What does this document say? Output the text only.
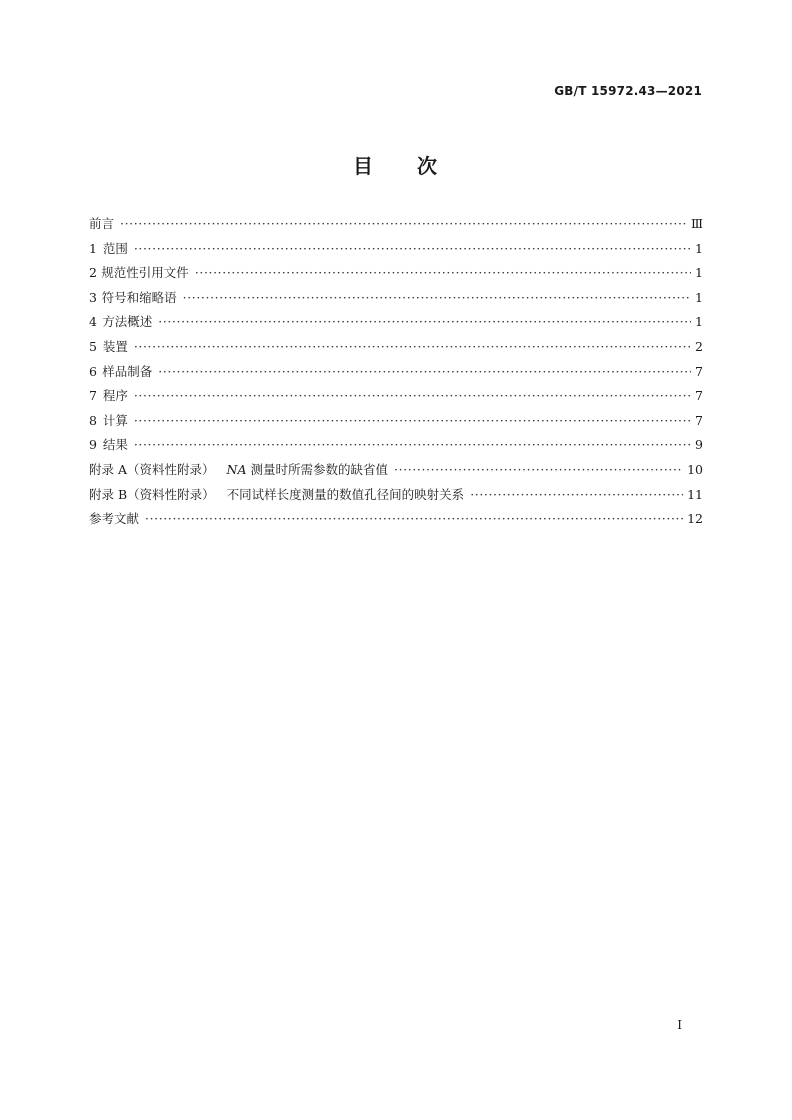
GB/T 15972.43—2021
目 次
前言 ·····	Ⅲ
1 范围 ·····	1
2 规范性引用文件 ·····	1
3 符号和缩略语 ·····	1
4 方法概述 ·····	1
5 装置 ·····	2
6 样品制备 ·····	7
7 程序 ·····	7
8 计算 ·····	7
9 结果 ·····	9
附录 A（资料性附录） NA 测量时所需参数的缺省值 ·····	10
附录 B（资料性附录） 不同试样长度测量的数值孔径间的映射关系 ·····	11
参考文献 ·····	12
I
